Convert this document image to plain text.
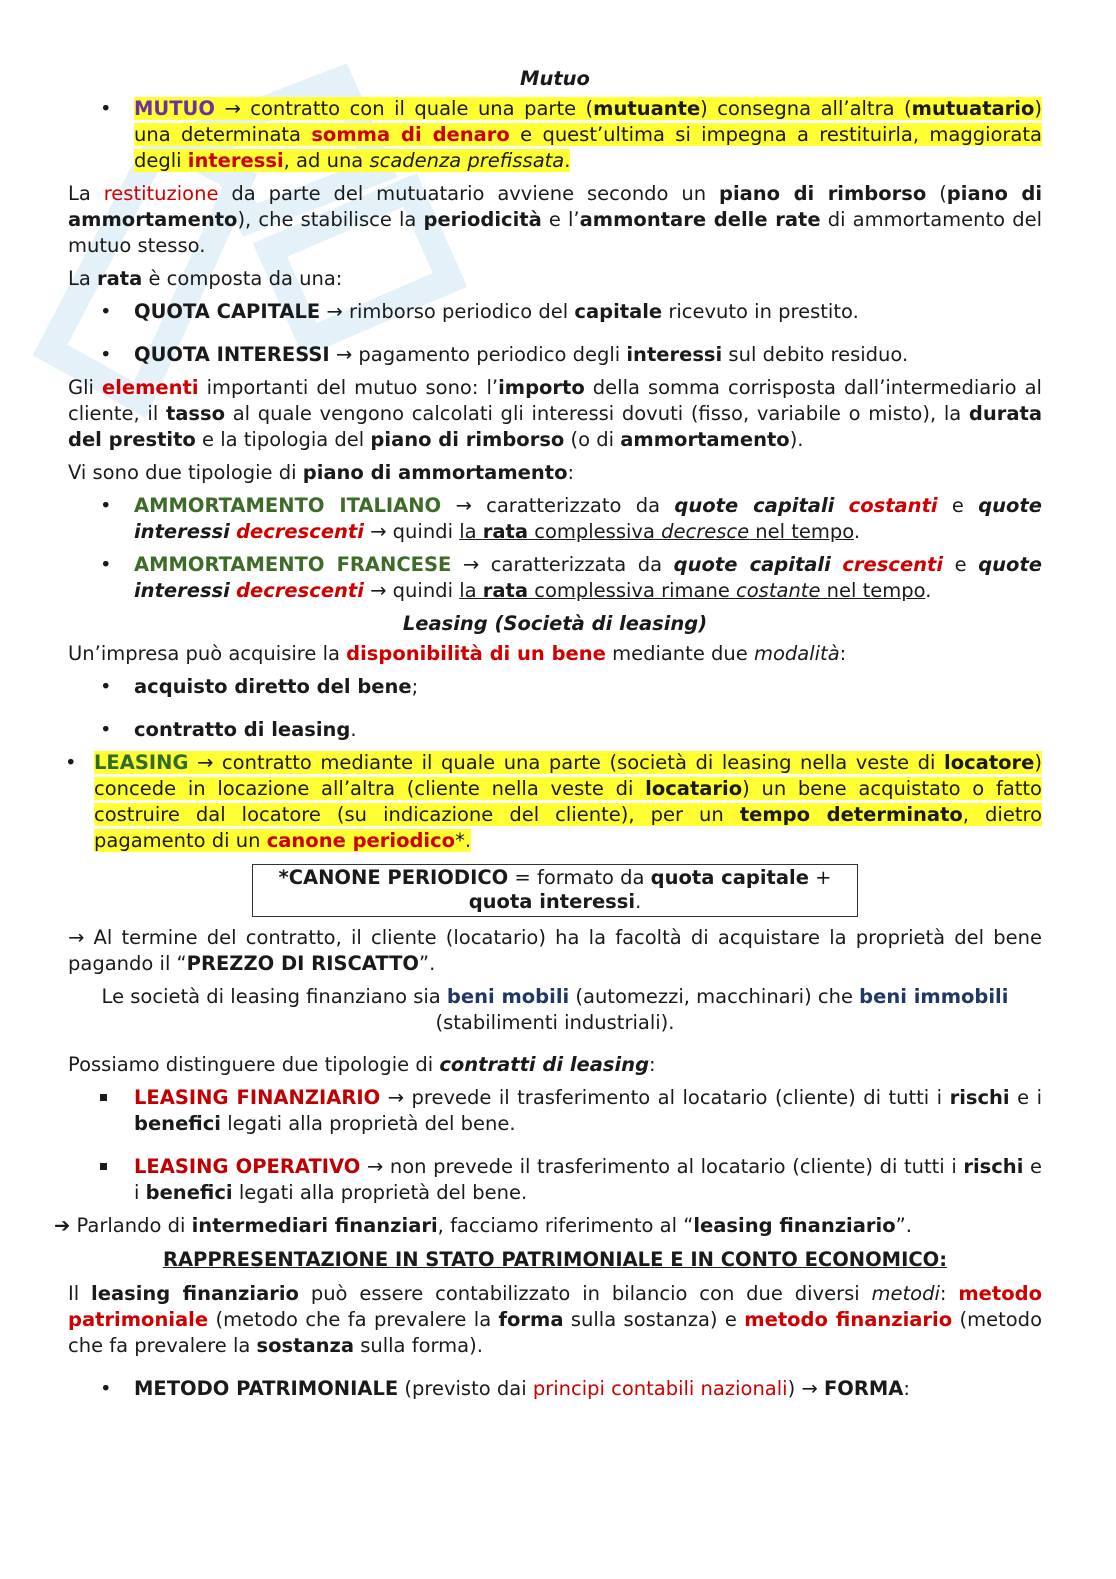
Mutuo
• MUTUO → contratto con il quale una parte (mutuante) consegna all’altra (mutuatario) una determinata somma di denaro e quest’ultima si impegna a restituirla, maggiorata degli interessi, ad una scadenza prefissata.
La restituzione da parte del mutuatario avviene secondo un piano di rimborso (piano di ammortamento), che stabilisce la periodicità e l’ammontare delle rate di ammortamento del mutuo stesso.
La rata è composta da una:
• QUOTA CAPITALE → rimborso periodico del capitale ricevuto in prestito.
• QUOTA INTERESSI → pagamento periodico degli interessi sul debito residuo.
Gli elementi importanti del mutuo sono: l’importo della somma corrisposta dall’intermediario al cliente, il tasso al quale vengono calcolati gli interessi dovuti (fisso, variabile o misto), la durata del prestito e la tipologia del piano di rimborso (o di ammortamento).
Vi sono due tipologie di piano di ammortamento:
• AMMORTAMENTO ITALIANO → caratterizzato da quote capitali costanti e quote interessi decrescenti → quindi la rata complessiva decresce nel tempo.
• AMMORTAMENTO FRANCESE → caratterizzata da quote capitali crescenti e quote interessi decrescenti → quindi la rata complessiva rimane costante nel tempo.
Leasing (Società di leasing)
Un’impresa può acquisire la disponibilità di un bene mediante due modalità:
• acquisto diretto del bene;
• contratto di leasing.
• LEASING → contratto mediante il quale una parte (società di leasing nella veste di locatore) concede in locazione all’altra (cliente nella veste di locatario) un bene acquistato o fatto costruire dal locatore (su indicazione del cliente), per un tempo determinato, dietro pagamento di un canone periodico*.
*CANONE PERIODICO = formato da quota capitale +
quota interessi.
→ Al termine del contratto, il cliente (locatario) ha la facoltà di acquistare la proprietà del bene pagando il “PREZZO DI RISCATTO”.
Le società di leasing finanziano sia beni mobili (automezzi, macchinari) che beni immobili (stabilimenti industriali).
Possiamo distinguere due tipologie di contratti di leasing:
LEASING FINANZIARIO → prevede il trasferimento al locatario (cliente) di tutti i rischi e i benefici legati alla proprietà del bene.
LEASING OPERATIVO → non prevede il trasferimento al locatario (cliente) di tutti i rischi e i benefici legati alla proprietà del bene.
➔ Parlando di intermediari finanziari, facciamo riferimento al “leasing finanziario”.
RAPPRESENTAZIONE IN STATO PATRIMONIALE E IN CONTO ECONOMICO:
Il leasing finanziario può essere contabilizzato in bilancio con due diversi metodi: metodo patrimoniale (metodo che fa prevalere la forma sulla sostanza) e metodo finanziario (metodo che fa prevalere la sostanza sulla forma).
• METODO PATRIMONIALE (previsto dai principi contabili nazionali) → FORMA:
